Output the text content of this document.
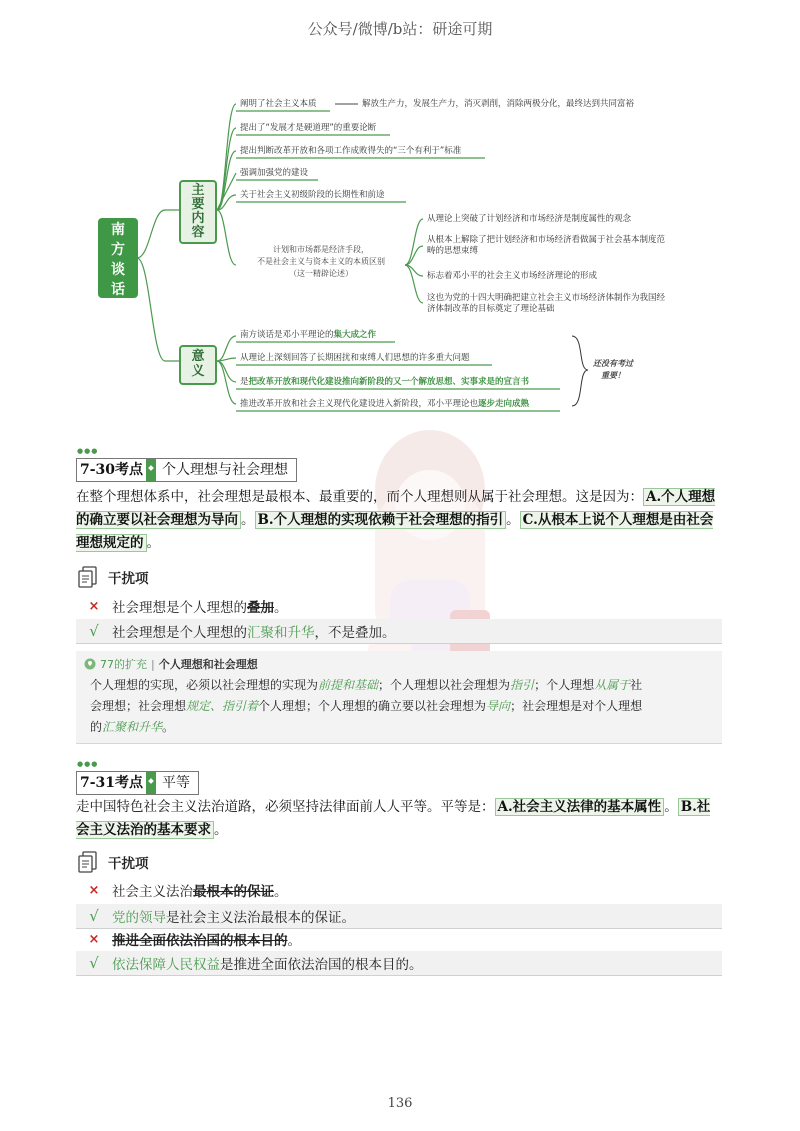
公众号/微博/b站：研途可期
南方谈话
主要内容
意义
阐明了社会主义本质	解放生产力，发展生产力，消灭剥削，消除两极分化，最终达到共同富裕
提出了“发展才是硬道理”的重要论断
提出判断改革开放和各项工作成败得失的“三个有利于”标准
强调加强党的建设
关于社会主义初级阶段的长期性和前途
计划和市场都是经济手段，
不是社会主义与资本主义的本质区别
（这一精辟论述）
从理论上突破了计划经济和市场经济是制度属性的观念
从根本上解除了把计划经济和市场经济看做属于社会基本制度范畴的思想束缚
标志着邓小平的社会主义市场经济理论的形成
这也为党的十四大明确把建立社会主义市场经济体制作为我国经济体制改革的目标奠定了理论基础
南方谈话是邓小平理论的集大成之作
从理论上深刻回答了长期困扰和束缚人们思想的许多重大问题
是把改革开放和现代化建设推向新阶段的又一个解放思想、实事求是的宣言书
推进改革开放和社会主义现代化建设进入新阶段，邓小平理论也逐步走向成熟
还没有考过
重要！
●●●
7-30考点	个人理想与社会理想
在整个理想体系中，社会理想是最根本、最重要的，而个人理想则从属于社会理想。这是因为： A.个人理想的确立要以社会理想为导向 。 B.个人理想的实现依赖于社会理想的指引 。 C.从根本上说个人理想是由社会理想规定的 。
干扰项
× 社会理想是个人理想的 叠加 。
√ 社会理想是个人理想的 汇聚和升华 ，不是叠加。
77的扩充 | 个人理想和社会理想
个人理想的实现，必须以社会理想的实现为前提和基础；个人理想以社会理想为指引；个人理想从属于社
会理想；社会理想规定、指引着个人理想；个人理想的确立要以社会理想为导向；社会理想是对个人理想
的汇聚和升华。
●●●
7-31考点	平等
走中国特色社会主义法治道路，必须坚持法律面前人人平等。平等是： A.社会主义法律的基本属性 。 B.社会主义法治的基本要求 。
干扰项
× 社会主义法治 最根本的保证 。
√ 党的领导 是社会主义法治最根本的保证。
× 推进全面依法治国的根本目的 。
√ 依法保障人民权益 是推进全面依法治国的根本目的。
136
